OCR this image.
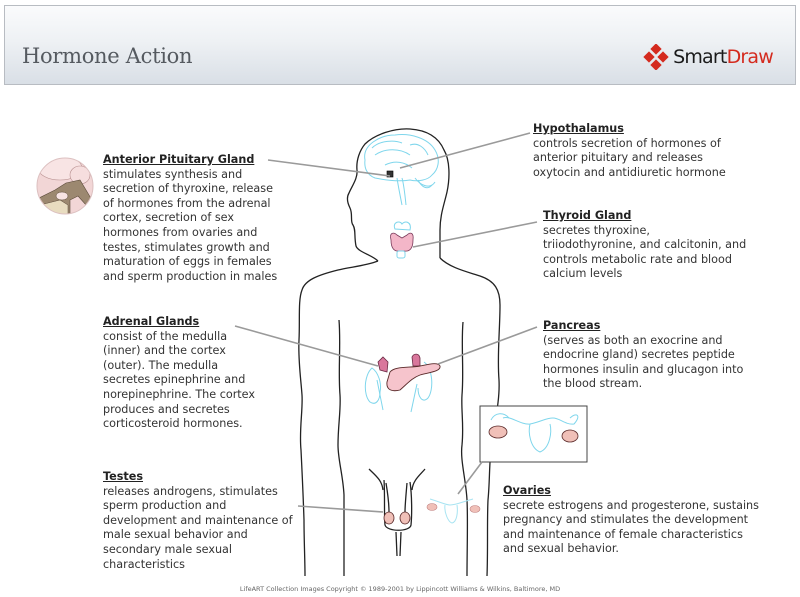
Hormone Action	Smart Draw
Anterior Pituitary Gland
stimulates synthesis and
secretion of thyroxine, release
of hormones from the adrenal
cortex, secretion of sex
hormones from ovaries and
testes, stimulates growth and
maturation of eggs in females
and sperm production in males
Hypothalamus
controls secretion of hormones of
anterior pituitary and releases
oxytocin and antidiuretic hormone
Thyroid Gland
secretes thyroxine,
triiodothyronine, and calcitonin, and
controls metabolic rate and blood
calcium levels
Adrenal Glands
consist of the medulla
(inner) and the cortex
(outer). The medulla
secretes epinephrine and
norepinephrine. The cortex
produces and secretes
corticosteroid hormones.
Pancreas
(serves as both an exocrine and
endocrine gland) secretes peptide
hormones insulin and glucagon into
the blood stream.
Testes
releases androgens, stimulates
sperm production and
development and maintenance of
male sexual behavior and
secondary male sexual
characteristics
Ovaries
secrete estrogens and progesterone, sustains
pregnancy and stimulates the development
and maintenance of female characteristics
and sexual behavior.
LifeART Collection Images Copyright © 1989-2001 by Lippincott Williams & Wilkins, Baltimore, MD
